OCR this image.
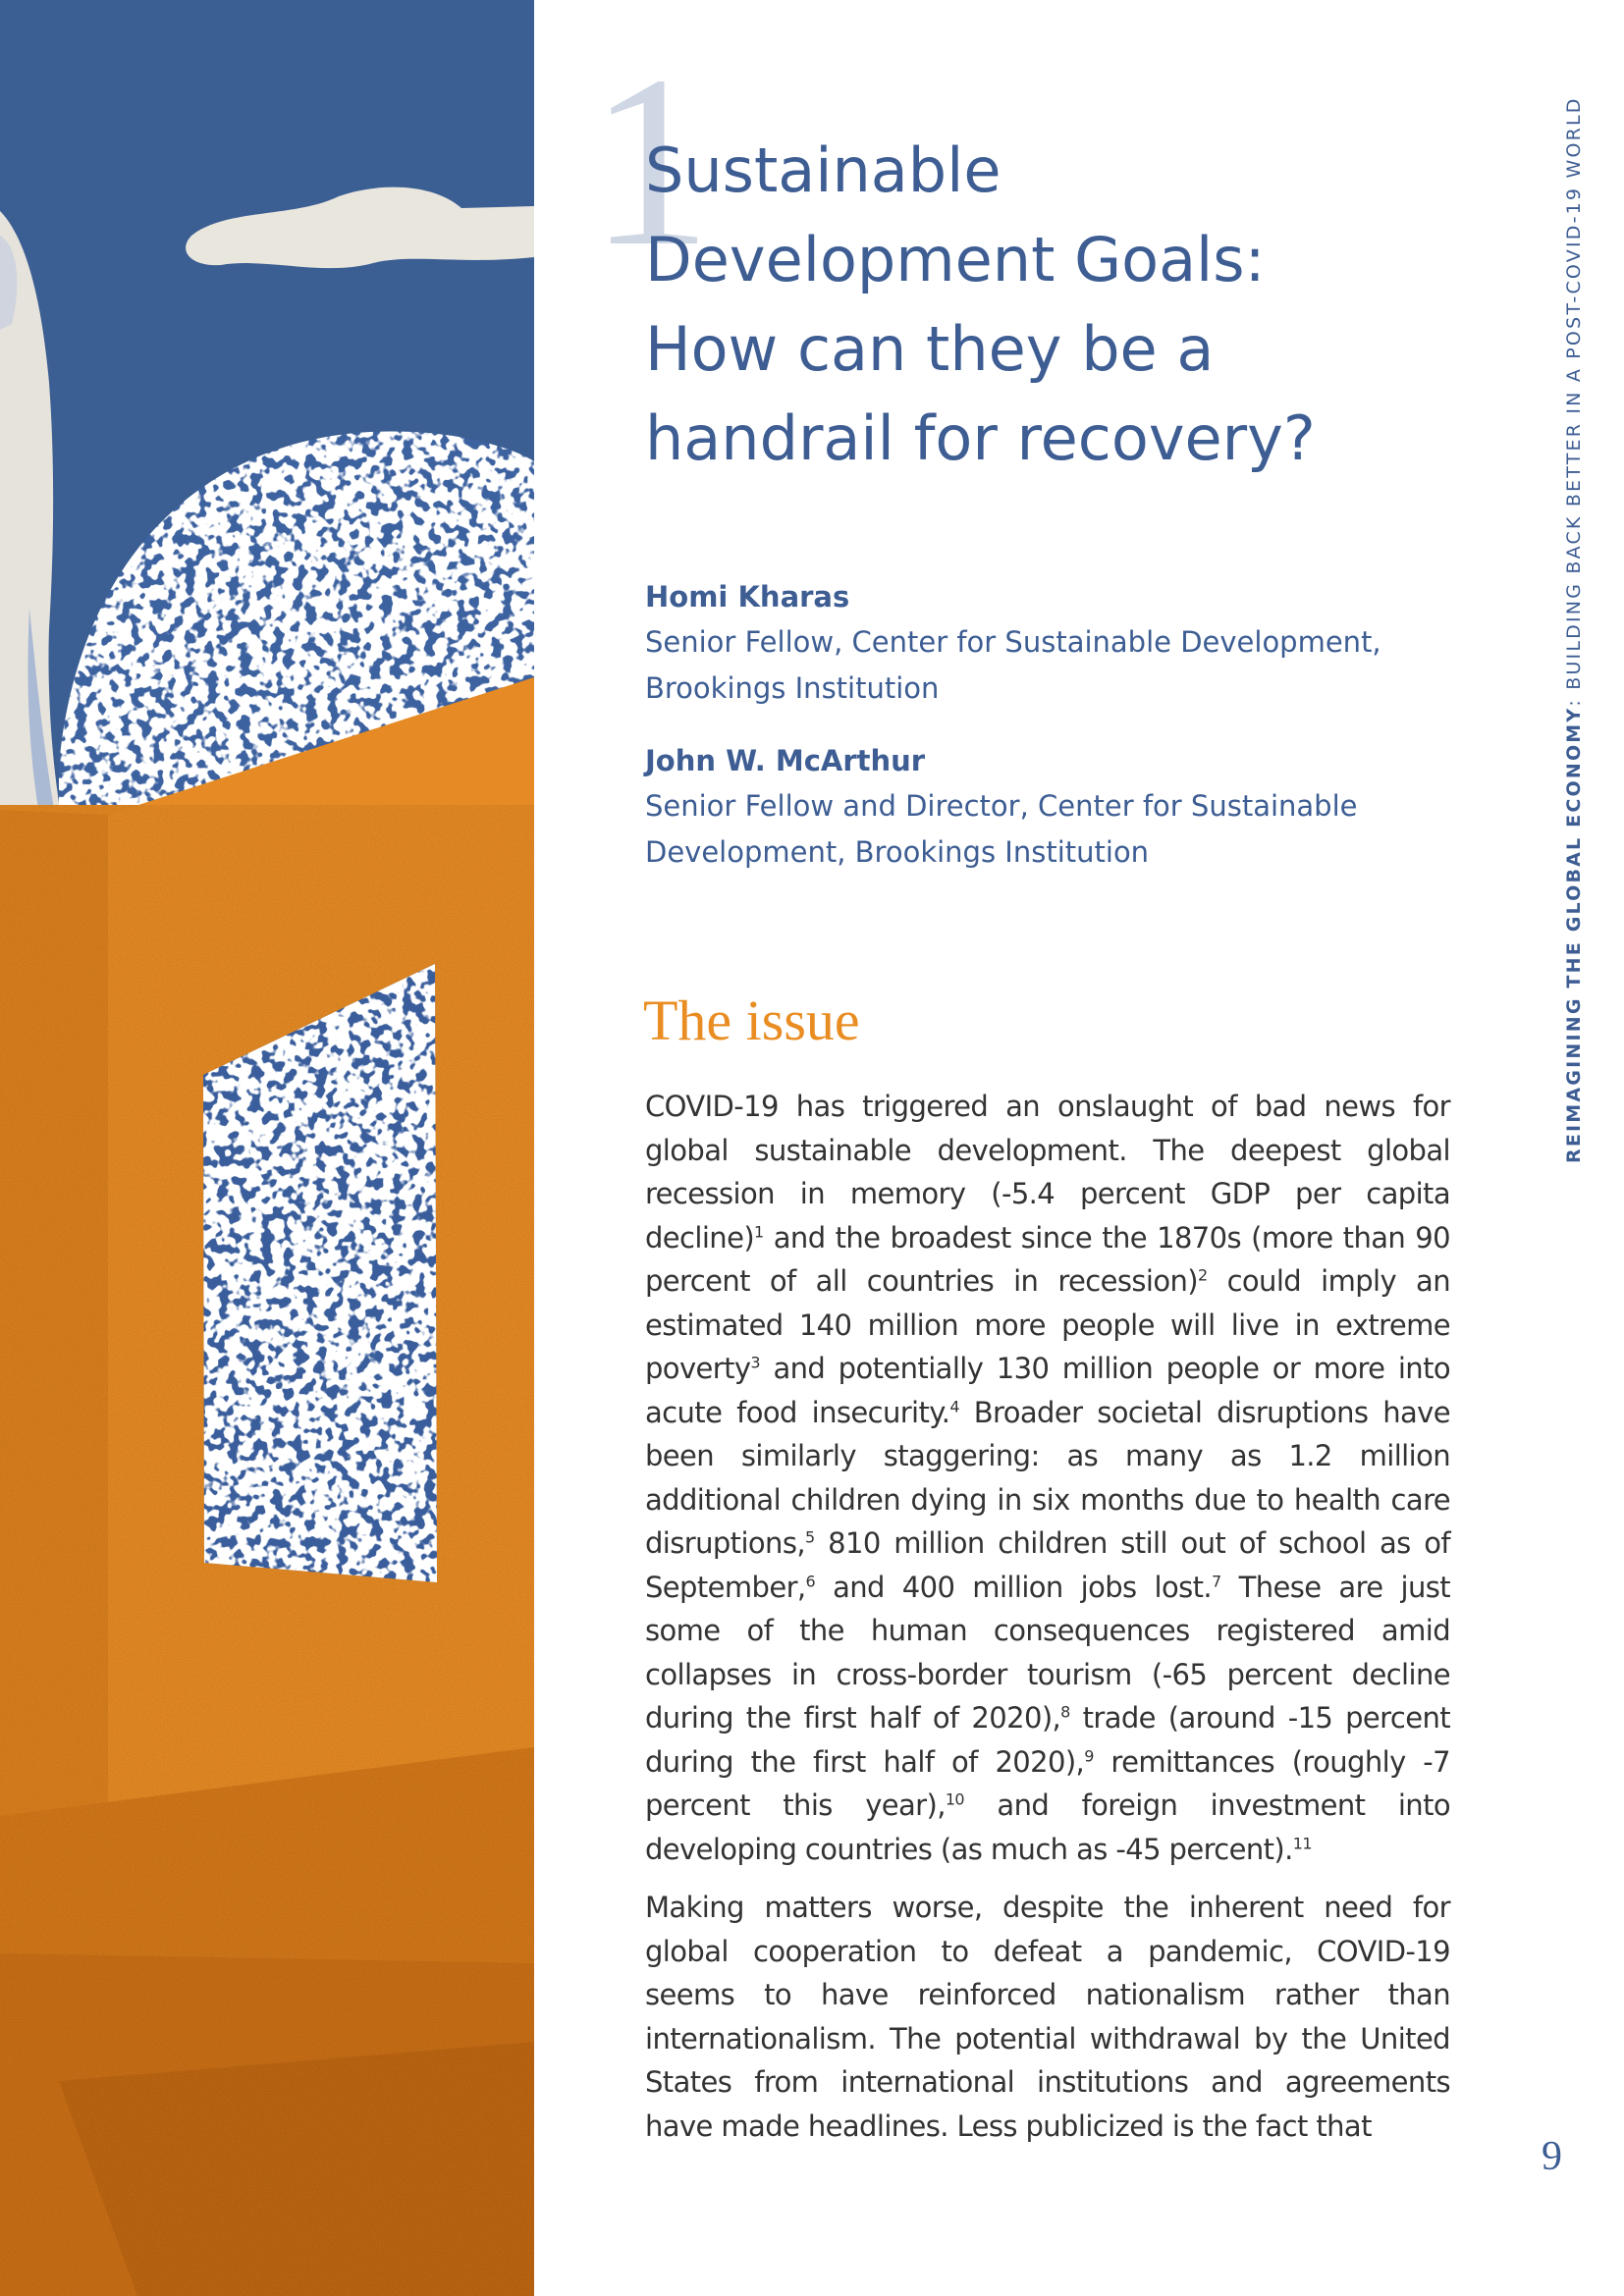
1
Sustainable Development Goals: How can they be a handrail for recovery?
Homi Kharas
Senior Fellow, Center for Sustainable Development,
Brookings Institution
John W. McArthur
Senior Fellow and Director, Center for Sustainable
Development, Brookings Institution
The issue

COVID-19 has triggered an onslaught of bad news for global sustainable development. The deepest global recession in memory (-5.4 percent GDP per capita decline)$^1$ and the broadest since the 1870s (more than 90 percent of all countries in recession)$^2$ could imply an estimated 140 million more people will live in extreme poverty$^3$ and potentially 130 million people or more into acute food insecurity.$^4$ Broader societal disruptions have been similarly staggering: as many as 1.2 million additional children dying in six months due to health care disruptions,$^5$ 810 million children still out of school as of September,$^6$ and 400 million jobs lost.$^7$ These are just some of the human consequences registered amid collapses in cross-border tourism (-65 percent decline during the first half of 2020),$^8$ trade (around -15 percent during the first half of 2020),$^9$ remittances (roughly -7 percent this year),$^{10}$ and foreign investment into developing countries (as much as -45 percent).$^{11}$

Making matters worse, despite the inherent need for global cooperation to defeat a pandemic, COVID-19 seems to have reinforced nationalism rather than internationalism. The potential withdrawal by the United States from international institutions and agreements have made headlines. Less publicized is the fact that

REIMAGINING THE GLOBAL ECONOMY: BUILDING BACK BETTER IN A POST-COVID-19 WORLD
9
